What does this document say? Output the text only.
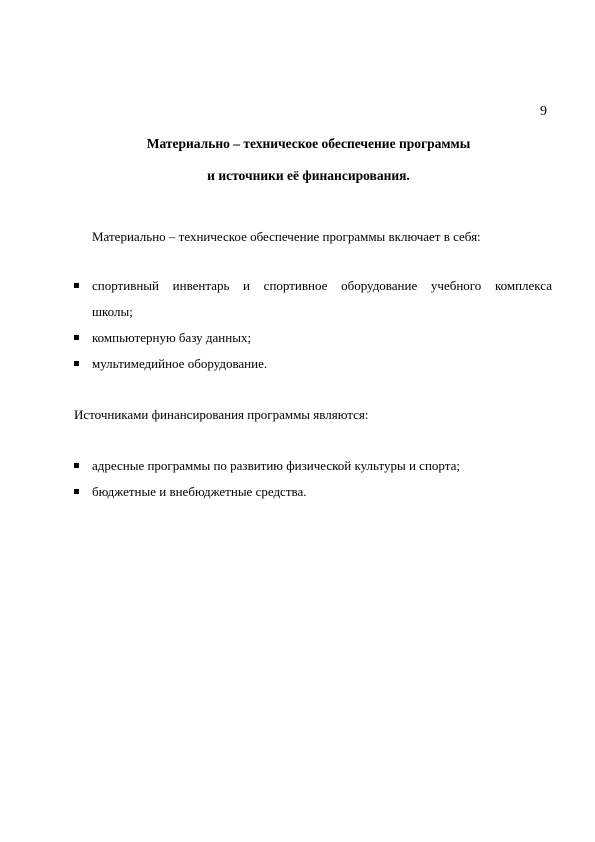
9
Материально – техническое обеспечение программы
и источники её финансирования.
Материально – техническое обеспечение программы включает в себя:
спортивный инвентарь и спортивное оборудование учебного комплекса
школы;
компьютерную базу данных;
мультимедийное оборудование.
Источниками финансирования программы являются:
адресные программы по развитию физической культуры и спорта;
бюджетные и внебюджетные средства.
